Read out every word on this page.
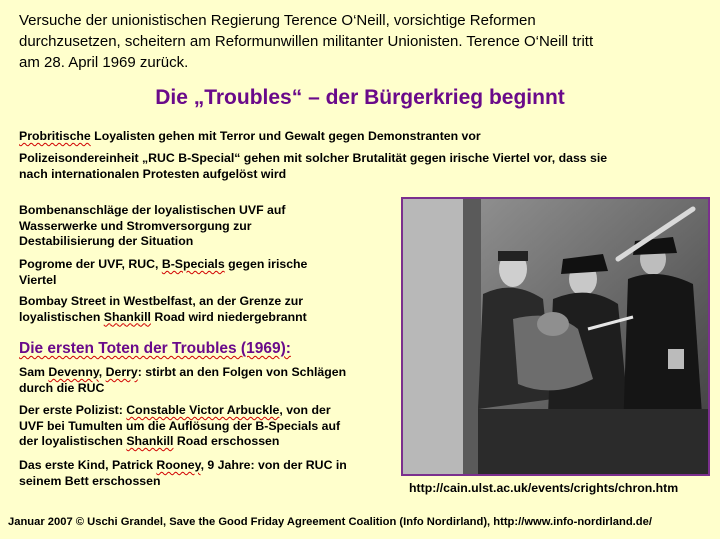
Versuche der unionistischen Regierung Terence O‘Neill, vorsichtige Reformen
durchzusetzen, scheitern am Reformunwillen militanter Unionisten. Terence O‘Neill tritt
am 28. April 1969 zurück.
Die „Troubles“ – der Bürgerkrieg beginnt
Probritische Loyalisten gehen mit Terror und Gewalt gegen Demonstranten vor
Polizeisondereinheit „RUC B-Special“ gehen mit solcher Brutalität gegen irische Viertel vor, dass sie
nach internationalen Protesten aufgelöst wird
Bombenanschläge der loyalistischen UVF auf
Wasserwerke und Stromversorgung zur
Destabilisierung der Situation
Pogrome der UVF, RUC, B-Specials gegen irische
Viertel
Bombay Street in Westbelfast, an der Grenze zur
loyalistischen Shankill Road wird niedergebrannt
Die ersten Toten der Troubles (1969):
Sam Devenny, Derry: stirbt an den Folgen von Schlägen
durch die RUC
Der erste Polizist: Constable Victor Arbuckle, von der
UVF bei Tumulten um die Auflösung der B-Specials auf
der loyalistischen Shankill Road erschossen
Das erste Kind, Patrick Rooney, 9 Jahre: von der RUC in
seinem Bett erschossen
http://cain.ulst.ac.uk/events/crights/chron.htm
Januar 2007 © Uschi Grandel, Save the Good Friday Agreement Coalition (Info Nordirland), http://www.info-nordirland.de/
